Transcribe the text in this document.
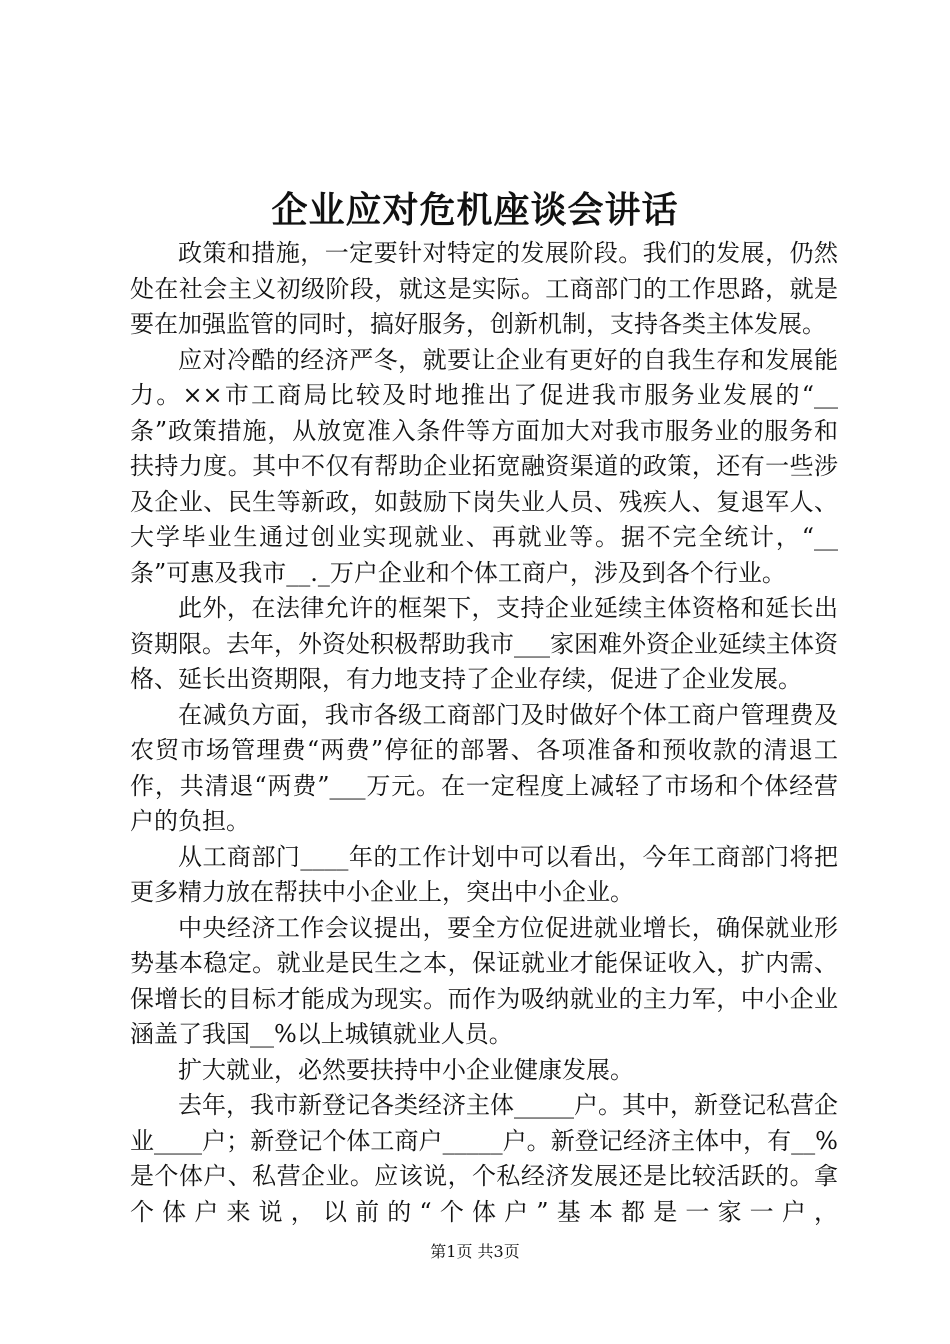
企业应对危机座谈会讲话

政策和措施，一定要针对特定的发展阶段。我们的发展，仍然处在社会主义初级阶段，就这是实际。工商部门的工作思路，就是要在加强监管的同时，搞好服务，创新机制，支持各类主体发展。

应对冷酷的经济严冬，就要让企业有更好的自我生存和发展能力。××市工商局比较及时地推出了促进我市服务业发展的“__条”政策措施，从放宽准入条件等方面加大对我市服务业的服务和扶持力度。其中不仅有帮助企业拓宽融资渠道的政策，还有一些涉及企业、民生等新政，如鼓励下岗失业人员、残疾人、复退军人、大学毕业生通过创业实现就业、再就业等。据不完全统计，“__条”可惠及我市__._万户企业和个体工商户，涉及到各个行业。

此外，在法律允许的框架下，支持企业延续主体资格和延长出资期限。去年，外资处积极帮助我市___家困难外资企业延续主体资格、延长出资期限，有力地支持了企业存续，促进了企业发展。

在减负方面，我市各级工商部门及时做好个体工商户管理费及农贸市场管理费“两费”停征的部署、各项准备和预收款的清退工作，共清退“两费”___万元。在一定程度上减轻了市场和个体经营户的负担。

从工商部门____年的工作计划中可以看出，今年工商部门将把更多精力放在帮扶中小企业上，突出中小企业。

中央经济工作会议提出，要全方位促进就业增长，确保就业形势基本稳定。就业是民生之本，保证就业才能保证收入，扩内需、保增长的目标才能成为现实。而作为吸纳就业的主力军，中小企业涵盖了我国__%以上城镇就业人员。

扩大就业，必然要扶持中小企业健康发展。

去年，我市新登记各类经济主体_____户。其中，新登记私营企业____户；新登记个体工商户_____户。新登记经济主体中，有__%是个体户、私营企业。应该说，个私经济发展还是比较活跃的。拿个体户来说，以前的“个体户”基本都是一家一户，

第1页 共3页
